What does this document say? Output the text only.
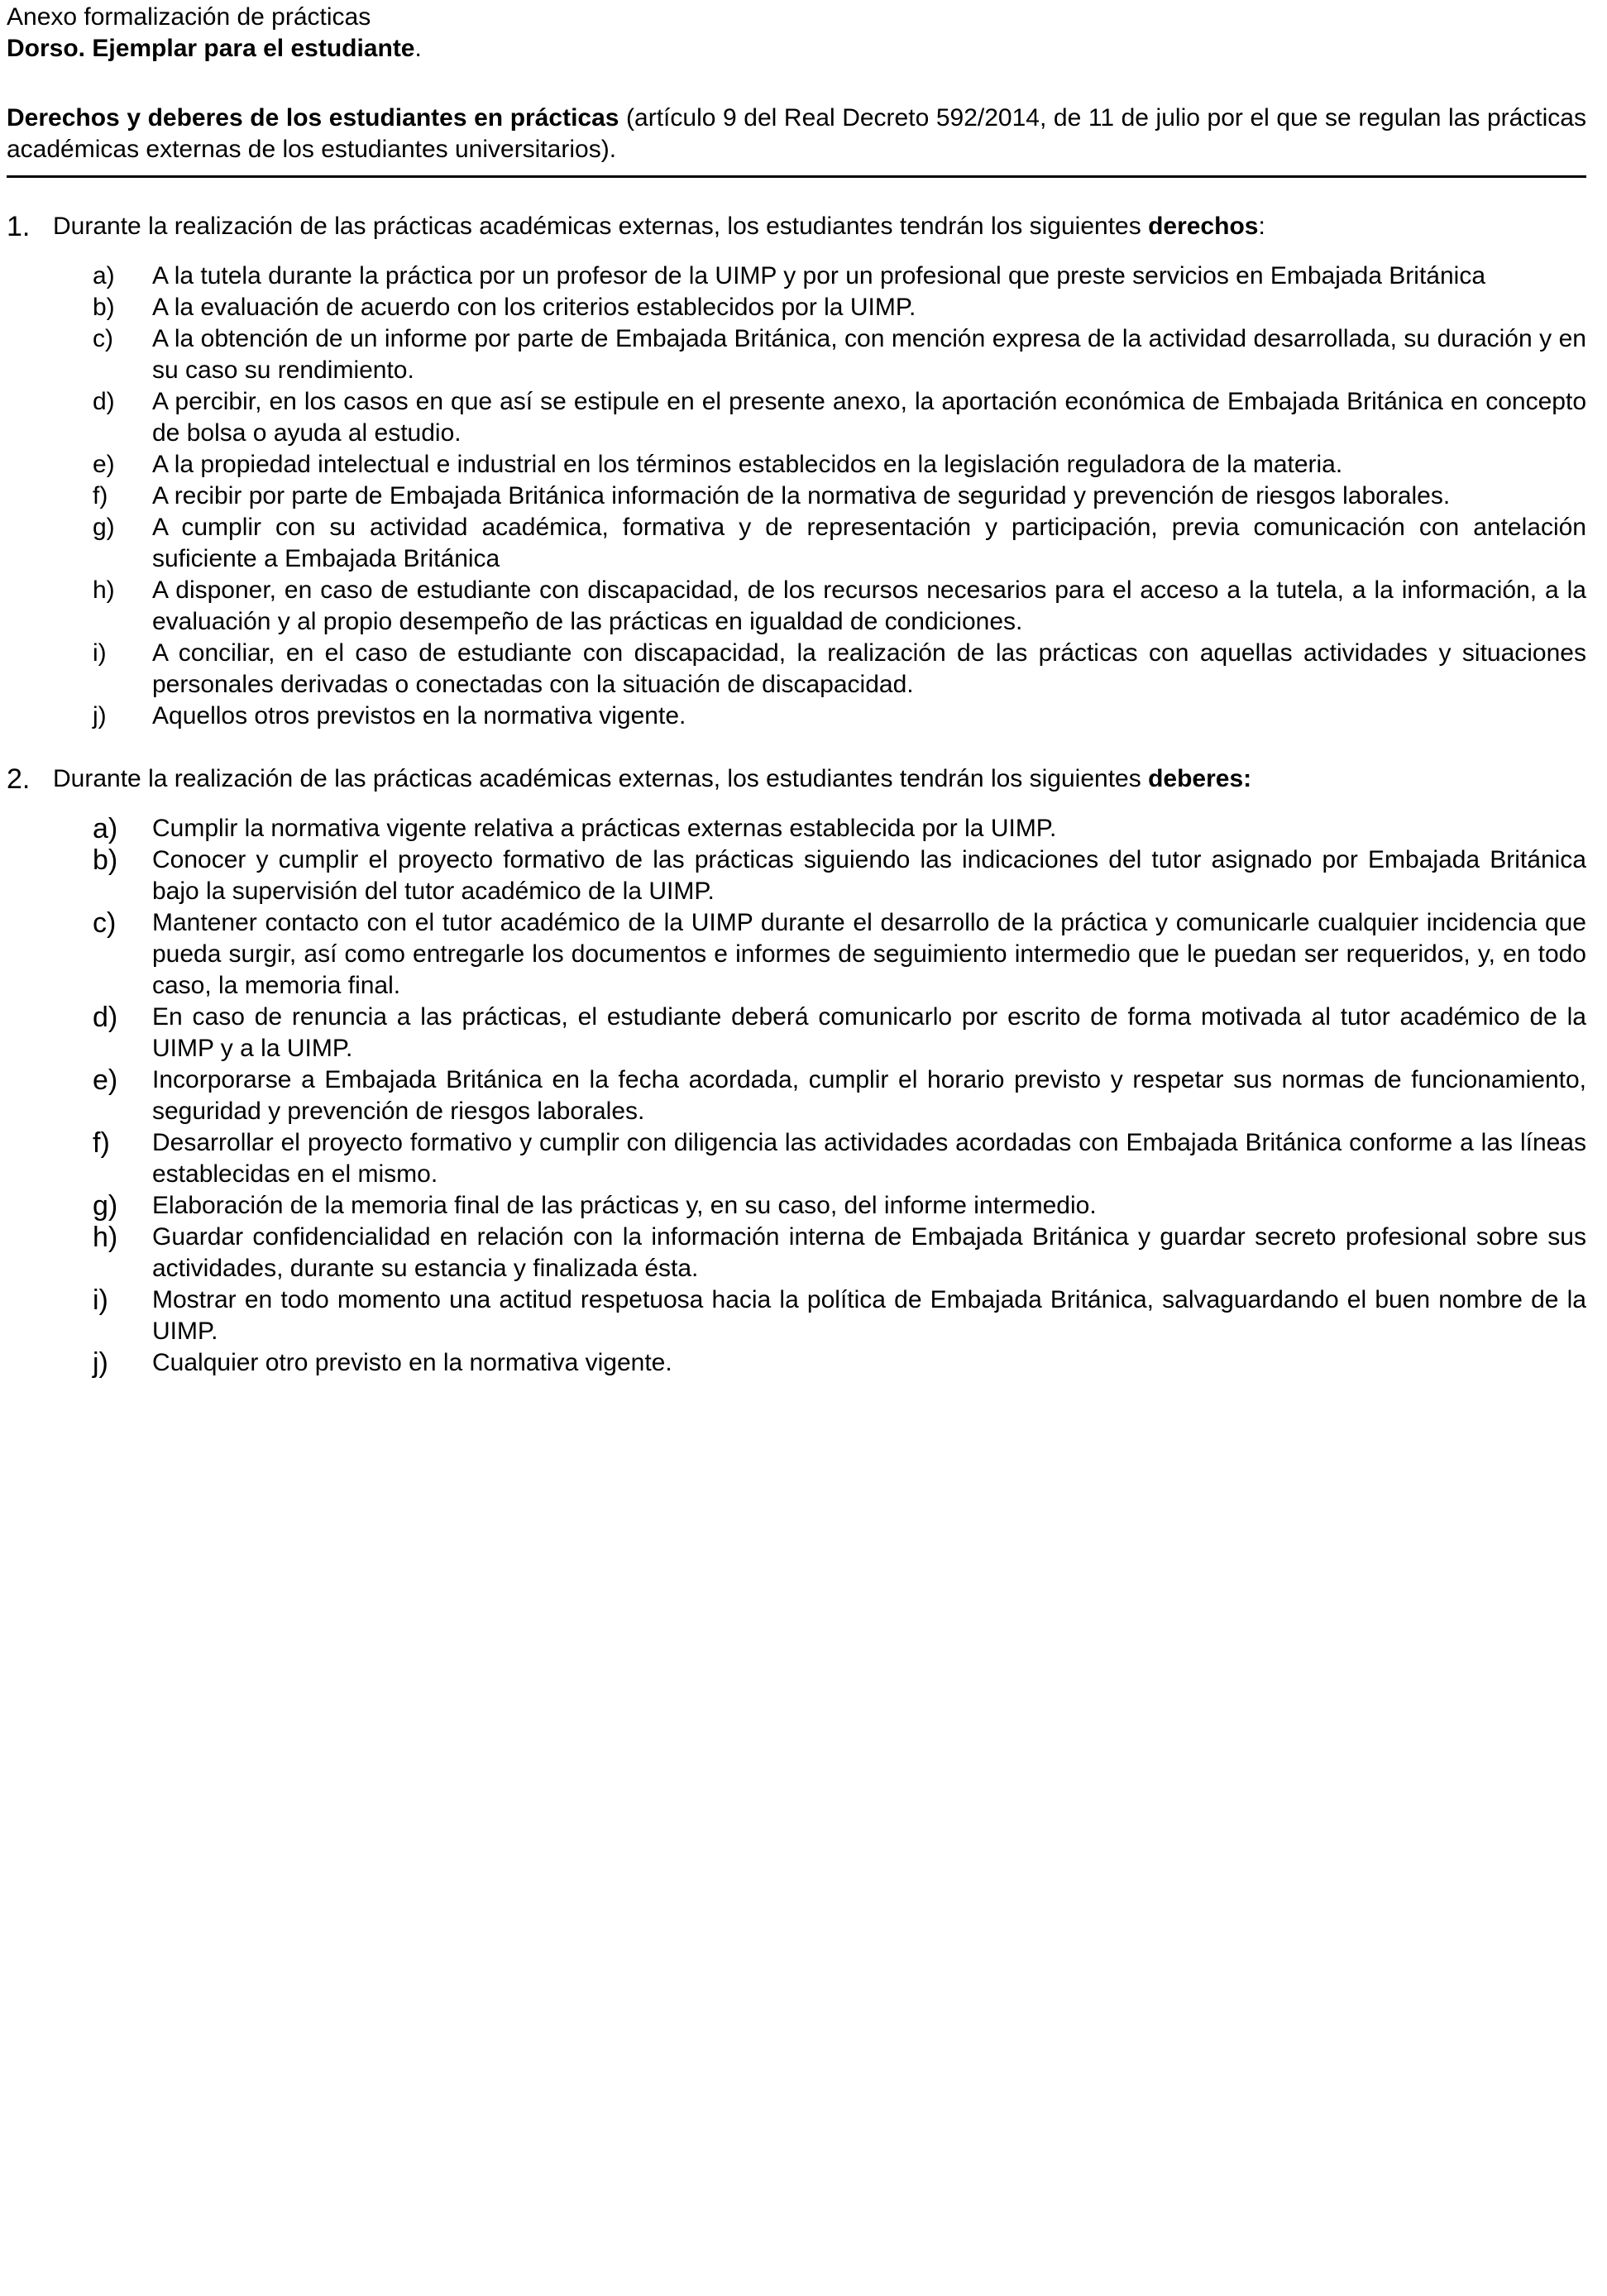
Anexo formalización de prácticas

Dorso. Ejemplar para el estudiante.

Derechos y deberes de los estudiantes en prácticas (artículo 9 del Real Decreto 592/2014, de 11 de julio por el que se regulan las prácticas académicas externas de los estudiantes universitarios).
1. Durante la realización de las prácticas académicas externas, los estudiantes tendrán los siguientes derechos:
a)	A la tutela durante la práctica por un profesor de la UIMP y por un profesional que preste servicios en Embajada Británica
b)	A la evaluación de acuerdo con los criterios establecidos por la UIMP.
c)	A la obtención de un informe por parte de Embajada Británica, con mención expresa de la actividad desarrollada, su duración y en su caso su rendimiento.
d)	A percibir, en los casos en que así se estipule en el presente anexo, la aportación económica de Embajada Británica en concepto de bolsa o ayuda al estudio.
e)	A la propiedad intelectual e industrial en los términos establecidos en la legislación reguladora de la materia.
f)	A recibir por parte de Embajada Británica información de la normativa de seguridad y prevención de riesgos laborales.
g)	A cumplir con su actividad académica, formativa y de representación y participación, previa comunicación con antelación suficiente a Embajada Británica
h)	A disponer, en caso de estudiante con discapacidad, de los recursos necesarios para el acceso a la tutela, a la información, a la evaluación y al propio desempeño de las prácticas en igualdad de condiciones.
i)	A conciliar, en el caso de estudiante con discapacidad, la realización de las prácticas con aquellas actividades y situaciones personales derivadas o conectadas con la situación de discapacidad.
j)	Aquellos otros previstos en la normativa vigente.
2. Durante la realización de las prácticas académicas externas, los estudiantes tendrán los siguientes deberes:
a)	Cumplir la normativa vigente relativa a prácticas externas establecida por la UIMP.
b)	Conocer y cumplir el proyecto formativo de las prácticas siguiendo las indicaciones del tutor asignado por Embajada Británica bajo la supervisión del tutor académico de la UIMP.
c)	Mantener contacto con el tutor académico de la UIMP durante el desarrollo de la práctica y comunicarle cualquier incidencia que pueda surgir, así como entregarle los documentos e informes de seguimiento intermedio que le puedan ser requeridos, y, en todo caso, la memoria final.
d)	En caso de renuncia a las prácticas, el estudiante deberá comunicarlo por escrito de forma motivada al tutor académico de la UIMP y a la UIMP.
e)	Incorporarse a Embajada Británica en la fecha acordada, cumplir el horario previsto y respetar sus normas de funcionamiento, seguridad y prevención de riesgos laborales.
f)	Desarrollar el proyecto formativo y cumplir con diligencia las actividades acordadas con Embajada Británica conforme a las líneas establecidas en el mismo.
g)	Elaboración de la memoria final de las prácticas y, en su caso, del informe intermedio.
h)	Guardar confidencialidad en relación con la información interna de Embajada Británica y guardar secreto profesional sobre sus actividades, durante su estancia y finalizada ésta.
i)	Mostrar en todo momento una actitud respetuosa hacia la política de Embajada Británica, salvaguardando el buen nombre de la UIMP.
j)	Cualquier otro previsto en la normativa vigente.
